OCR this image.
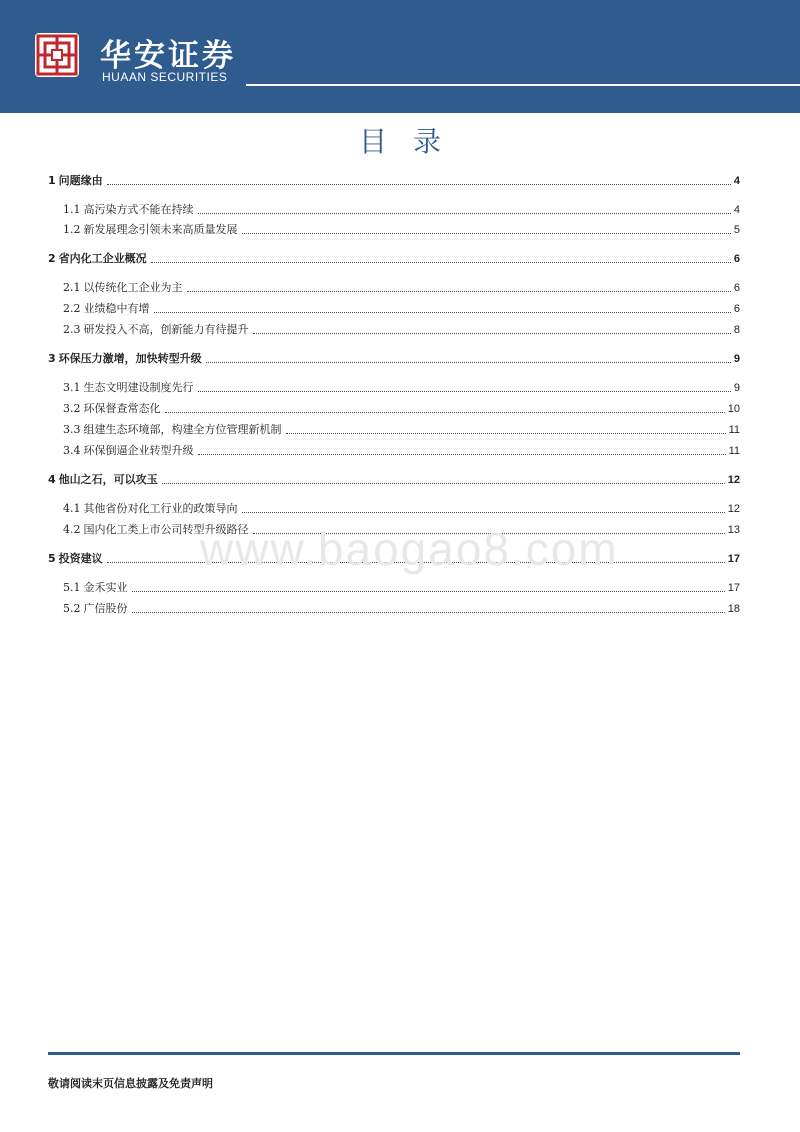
华安证券
HUAAN SECURITIES
目录
1 问题缘由	4
1.1 高污染方式不能在持续	4
1.2 新发展理念引领未来高质量发展	5
2 省内化工企业概况	6
2.1 以传统化工企业为主	6
2.2 业绩稳中有增	6
2.3 研发投入不高，创新能力有待提升	8
3 环保压力激增，加快转型升级	9
3.1 生态文明建设制度先行	9
3.2 环保督查常态化	10
3.3 组建生态环境部，构建全方位管理新机制	11
3.4 环保倒逼企业转型升级	11
4 他山之石，可以攻玉	12
4.1 其他省份对化工行业的政策导向	12
4.2 国内化工类上市公司转型升级路径	13
5 投资建议	17
5.1 金禾实业	17
5.2 广信股份	18
www.baogao8.com
敬请阅读末页信息披露及免责声明
